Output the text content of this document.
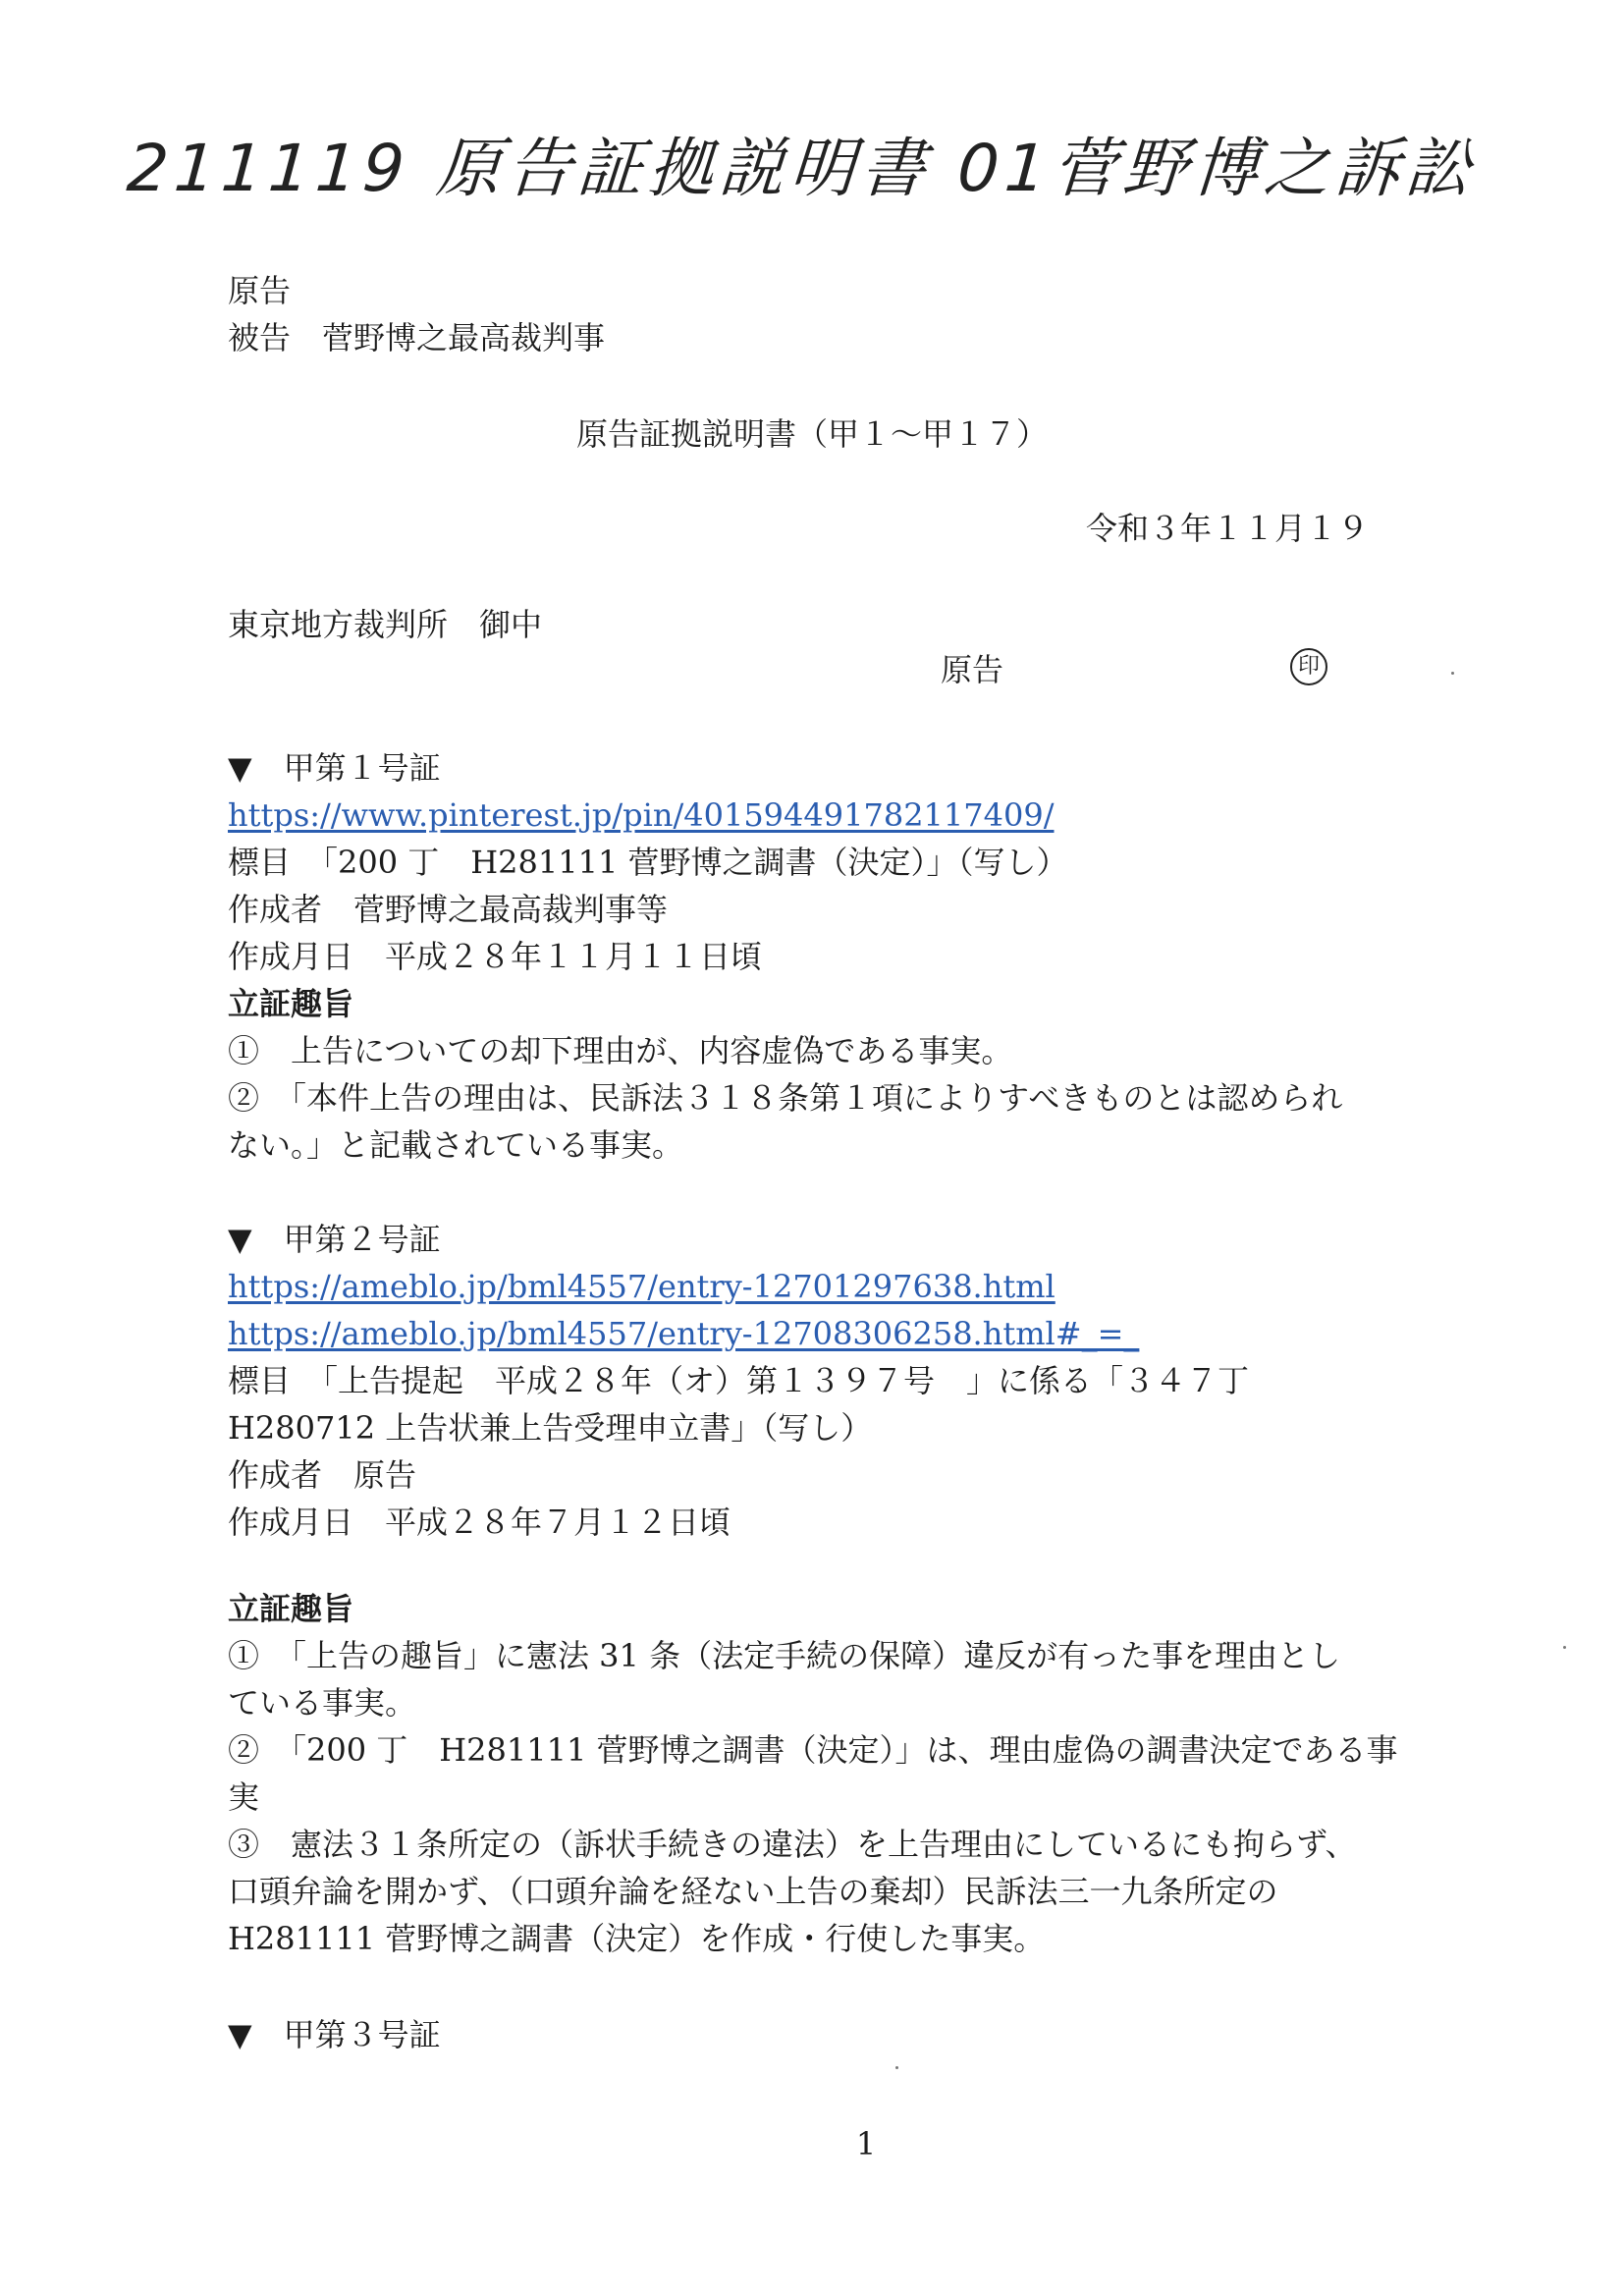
211119 原告証拠説明書 01菅野博之訴訟
原告
被告　菅野博之最高裁判事
原告証拠説明書（甲１～甲１７）
令和３年１１月１９
東京地方裁判所　御中
原告	印
▼　甲第１号証
https://www.pinterest.jp/pin/401594491782117409/
標目　「200 丁　H281111 菅野博之調書（決定）」（写し）
作成者　菅野博之最高裁判事等
作成月日　平成２８年１１月１１日頃
立証趣旨
①　上告についての却下理由が、内容虚偽である事実。
②　「本件上告の理由は、民訴法３１８条第１項によりすべきものとは認められ
ない。」と記載されている事実。
▼　甲第２号証
https://ameblo.jp/bml4557/entry-12701297638.html
https://ameblo.jp/bml4557/entry-12708306258.html#_=_
標目　「上告提起　平成２８年（オ）第１３９７号　」に係る「３４７丁
H280712 上告状兼上告受理申立書」（写し）
作成者　原告
作成月日　平成２８年７月１２日頃
立証趣旨
①　「上告の趣旨」に憲法 31 条（法定手続の保障）違反が有った事を理由とし
ている事実。
②　「200 丁　H281111 菅野博之調書（決定）」は、理由虚偽の調書決定である事
実
③　憲法３１条所定の（訴状手続きの違法）を上告理由にしているにも拘らず、
口頭弁論を開かず、（口頭弁論を経ない上告の棄却）民訴法三一九条所定の
H281111 菅野博之調書（決定）を作成・行使した事実。
▼　甲第３号証
1
